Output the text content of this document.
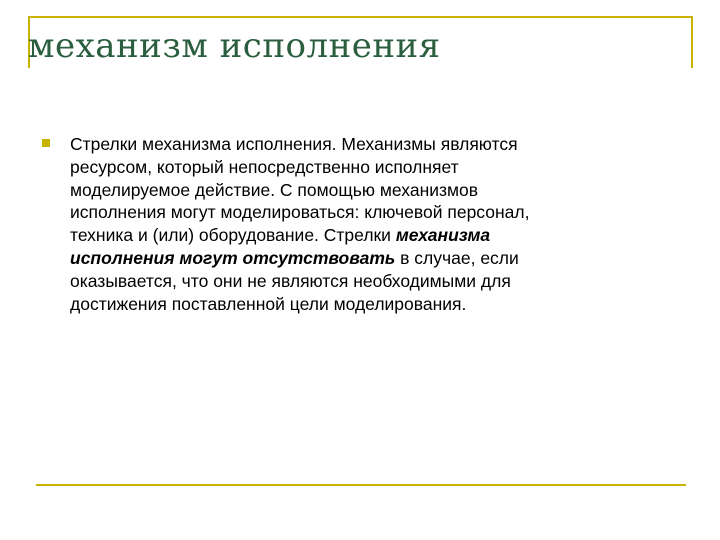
механизм исполнения
Стрелки механизма исполнения. Механизмы являются
ресурсом, который непосредственно исполняет
моделируемое действие. С помощью механизмов
исполнения могут моделироваться: ключевой персонал,
техника и (или) оборудование. Стрелки механизма
исполнения могут отсутствовать в случае, если
оказывается, что они не являются необходимыми для
достижения поставленной цели моделирования.
